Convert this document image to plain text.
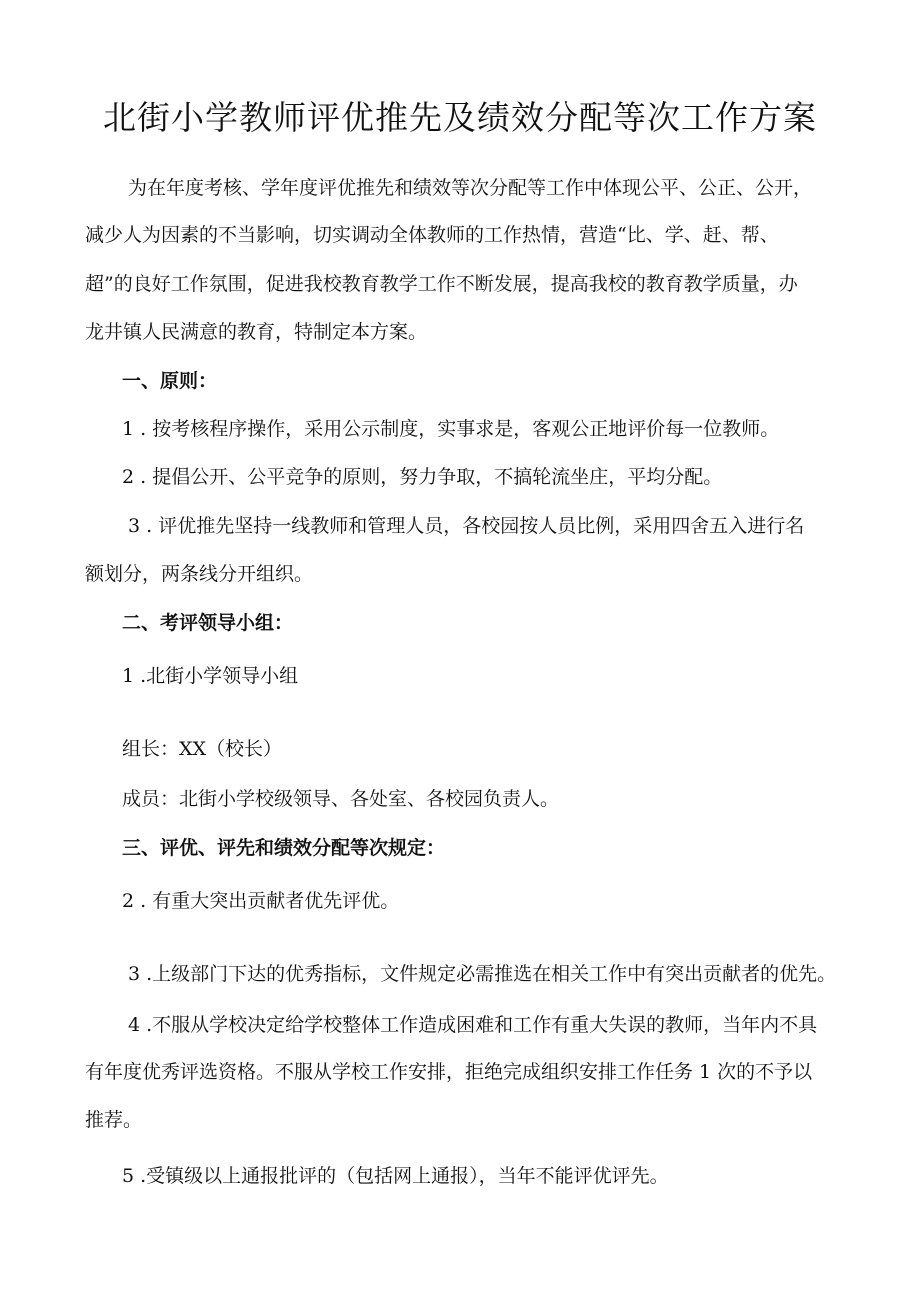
北街小学教师评优推先及绩效分配等次工作方案
为在年度考核、学年度评优推先和绩效等次分配等工作中体现公平、公正、公开，
减少人为因素的不当影响，切实调动全体教师的工作热情，营造“比、学、赶、帮、
超”的良好工作氛围，促进我校教育教学工作不断发展，提高我校的教育教学质量，办
龙井镇人民满意的教育，特制定本方案。
一、原则：
1 . 按考核程序操作，采用公示制度，实事求是，客观公正地评价每一位教师。
2 . 提倡公开、公平竞争的原则，努力争取，不搞轮流坐庄，平均分配。
3 . 评优推先坚持一线教师和管理人员，各校园按人员比例，采用四舍五入进行名
额划分，两条线分开组织。
二、考评领导小组：
1 .北街小学领导小组
组长：XX（校长）
成员：北街小学校级领导、各处室、各校园负责人。
三、评优、评先和绩效分配等次规定：
2 . 有重大突出贡献者优先评优。
3 .上级部门下达的优秀指标，文件规定必需推选在相关工作中有突出贡献者的优先。
4 .不服从学校决定给学校整体工作造成困难和工作有重大失误的教师，当年内不具
有年度优秀评选资格。不服从学校工作安排，拒绝完成组织安排工作任务 1 次的不予以
推荐。
5 .受镇级以上通报批评的（包括网上通报），当年不能评优评先。
